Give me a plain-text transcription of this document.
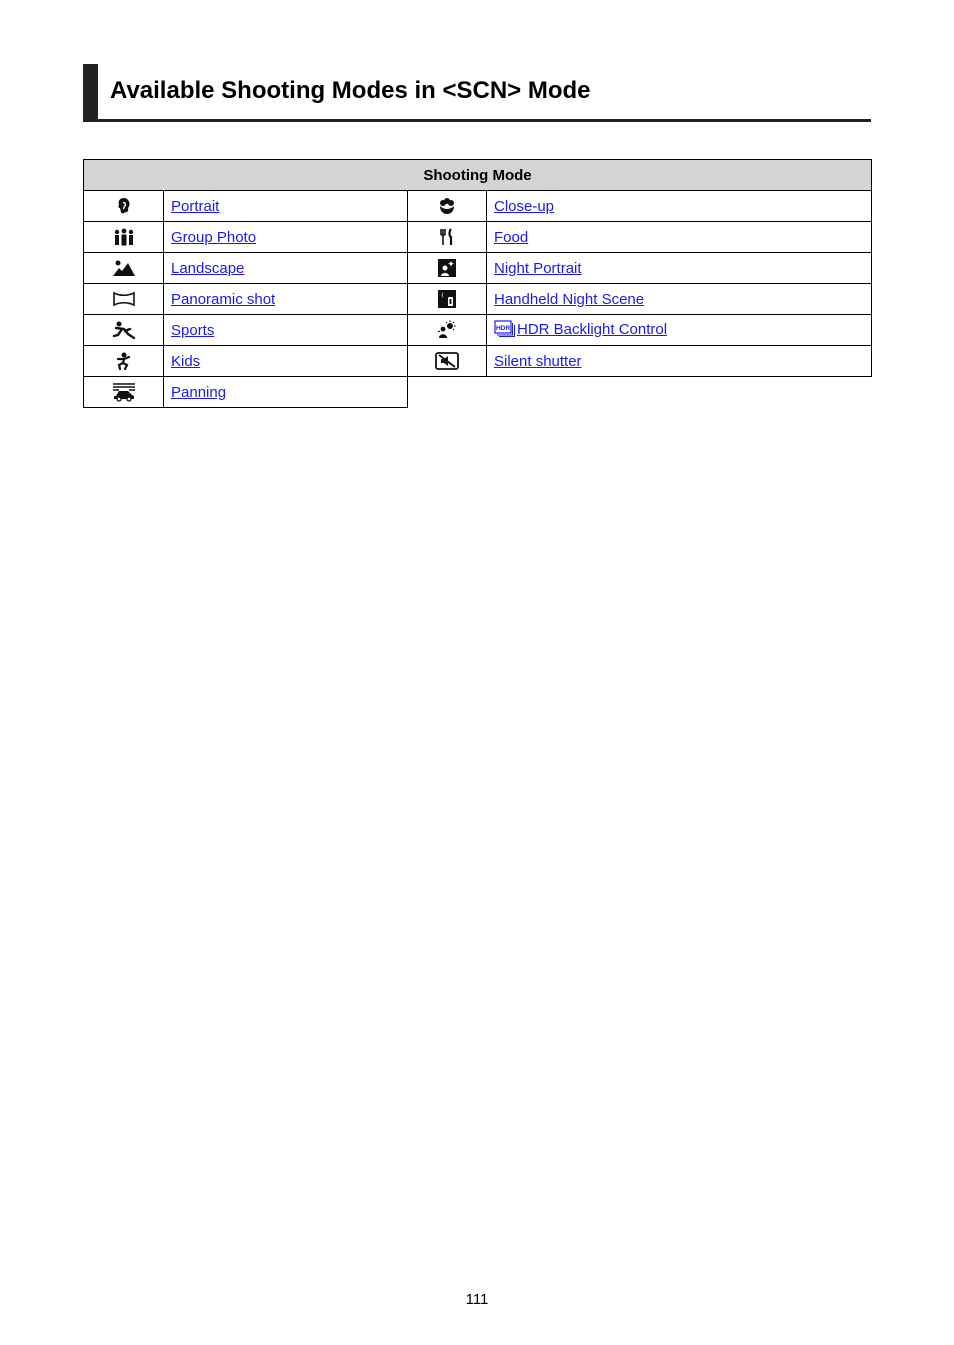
Available Shooting Modes in <SCN> Mode
Shooting Mode			

	Portrait		Close-up

	Group Photo		Food

	Landscape		Night Portrait

	Panoramic shot		Handheld Night Scene

	Sports		HDR HDR Backlight Control

	Kids		Silent shutter

	Panning		
111
